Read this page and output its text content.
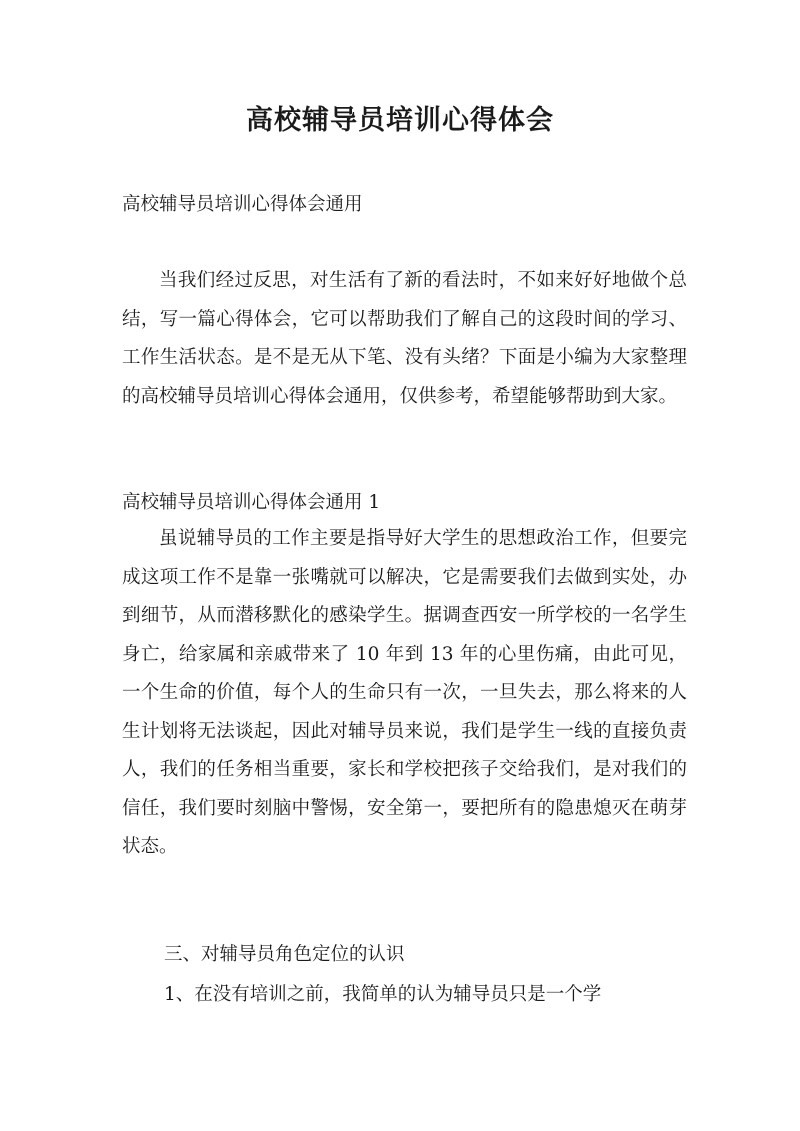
高校辅导员培训心得体会

高校辅导员培训心得体会通用

当我们经过反思，对生活有了新的看法时，不如来好好地做个总结，写一篇心得体会，它可以帮助我们了解自己的这段时间的学习、工作生活状态。是不是无从下笔、没有头绪？下面是小编为大家整理的高校辅导员培训心得体会通用，仅供参考，希望能够帮助到大家。

高校辅导员培训心得体会通用 1

虽说辅导员的工作主要是指导好大学生的思想政治工作，但要完成这项工作不是靠一张嘴就可以解决，它是需要我们去做到实处，办到细节，从而潜移默化的感染学生。据调查西安一所学校的一名学生身亡，给家属和亲戚带来了 10 年到 13 年的心里伤痛，由此可见，一个生命的价值，每个人的生命只有一次，一旦失去，那么将来的人生计划将无法谈起，因此对辅导员来说，我们是学生一线的直接负责人，我们的任务相当重要，家长和学校把孩子交给我们，是对我们的信任，我们要时刻脑中警惕，安全第一，要把所有的隐患熄灭在萌芽状态。

三、对辅导员角色定位的认识

1、在没有培训之前，我简单的认为辅导员只是一个学
